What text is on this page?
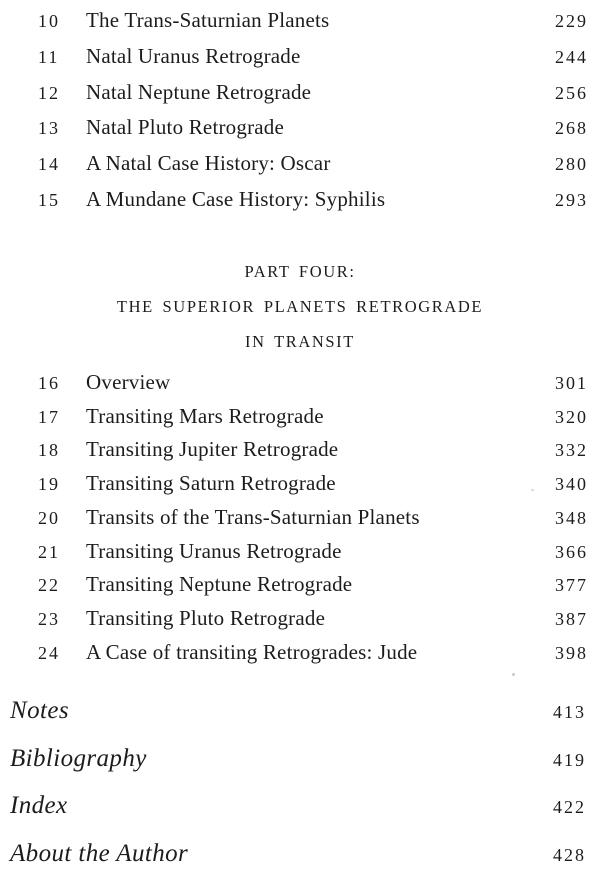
10	The Trans-Saturnian Planets	229
11	Natal Uranus Retrograde	244
12	Natal Neptune Retrograde	256
13	Natal Pluto Retrograde	268
14	A Natal Case History: Oscar	280
15	A Mundane Case History: Syphilis	293
PART FOUR:
THE SUPERIOR PLANETS RETROGRADE
IN TRANSIT
16	Overview	301
17	Transiting Mars Retrograde	320
18	Transiting Jupiter Retrograde	332
19	Transiting Saturn Retrograde	340
20	Transits of the Trans-Saturnian Planets	348
21	Transiting Uranus Retrograde	366
22	Transiting Neptune Retrograde	377
23	Transiting Pluto Retrograde	387
24	A Case of transiting Retrogrades: Jude	398
Notes	413
Bibliography	419
Index	422
About the Author	428
